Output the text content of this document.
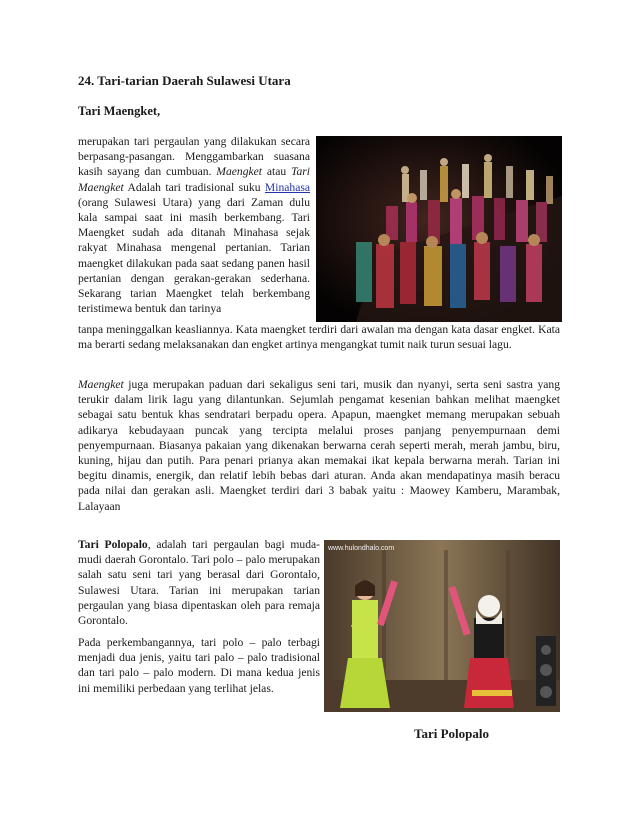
24. Tari-tarian Daerah Sulawesi Utara
Tari Maengket,

merupakan tari pergaulan yang dilakukan secara berpasang-pasangan. Menggambarkan suasana kasih sayang dan cumbuan. Maengket atau Tari Maengket Adalah tari tradisional suku Minahasa (orang Sulawesi Utara) yang dari Zaman dulu kala sampai saat ini masih berkembang. Tari Maengket sudah ada ditanah Minahasa sejak rakyat Minahasa mengenal pertanian. Tarian maengket dilakukan pada saat sedang panen hasil pertanian dengan gerakan-gerakan sederhana. Sekarang tarian Maengket telah berkembang teristimewa bentuk dan tarinya

tanpa meninggalkan keasliannya. Kata maengket terdiri dari awalan ma dengan kata dasar engket. Kata ma berarti sedang melaksanakan dan engket artinya mengangkat tumit naik turun sesuai lagu.

Maengket juga merupakan paduan dari sekaligus seni tari, musik dan nyanyi, serta seni sastra yang terukir dalam lirik lagu yang dilantunkan. Sejumlah pengamat kesenian bahkan melihat maengket sebagai satu bentuk khas sendratari berpadu opera. Apapun, maengket memang merupakan sebuah adikarya kebudayaan puncak yang tercipta melalui proses panjang penyempurnaan demi penyempurnaan. Biasanya pakaian yang dikenakan berwarna cerah seperti merah, merah jambu, biru, kuning, hijau dan putih. Para penari prianya akan memakai ikat kepala berwarna merah. Tarian ini begitu dinamis, energik, dan relatif lebih bebas dari aturan. Anda akan mendapatinya masih beracu pada nilai dan gerakan asli. Maengket terdiri dari 3 babak yaitu : Maowey Kamberu, Marambak, Lalayaan

Tari Polopalo, adalah tari pergaulan bagi muda-mudi daerah Gorontalo. Tari polo – palo merupakan salah satu seni tari yang berasal dari Gorontalo, Sulawesi Utara. Tarian ini merupakan tarian pergaulan yang biasa dipentaskan oleh para remaja Gorontalo.

www.hulondhalo.com

Pada perkembangannya, tari polo – palo terbagi menjadi dua jenis, yaitu tari palo – palo tradisional dan tari palo – palo modern. Di mana kedua jenis ini memiliki perbedaan yang terlihat jelas.

Tari Polopalo
